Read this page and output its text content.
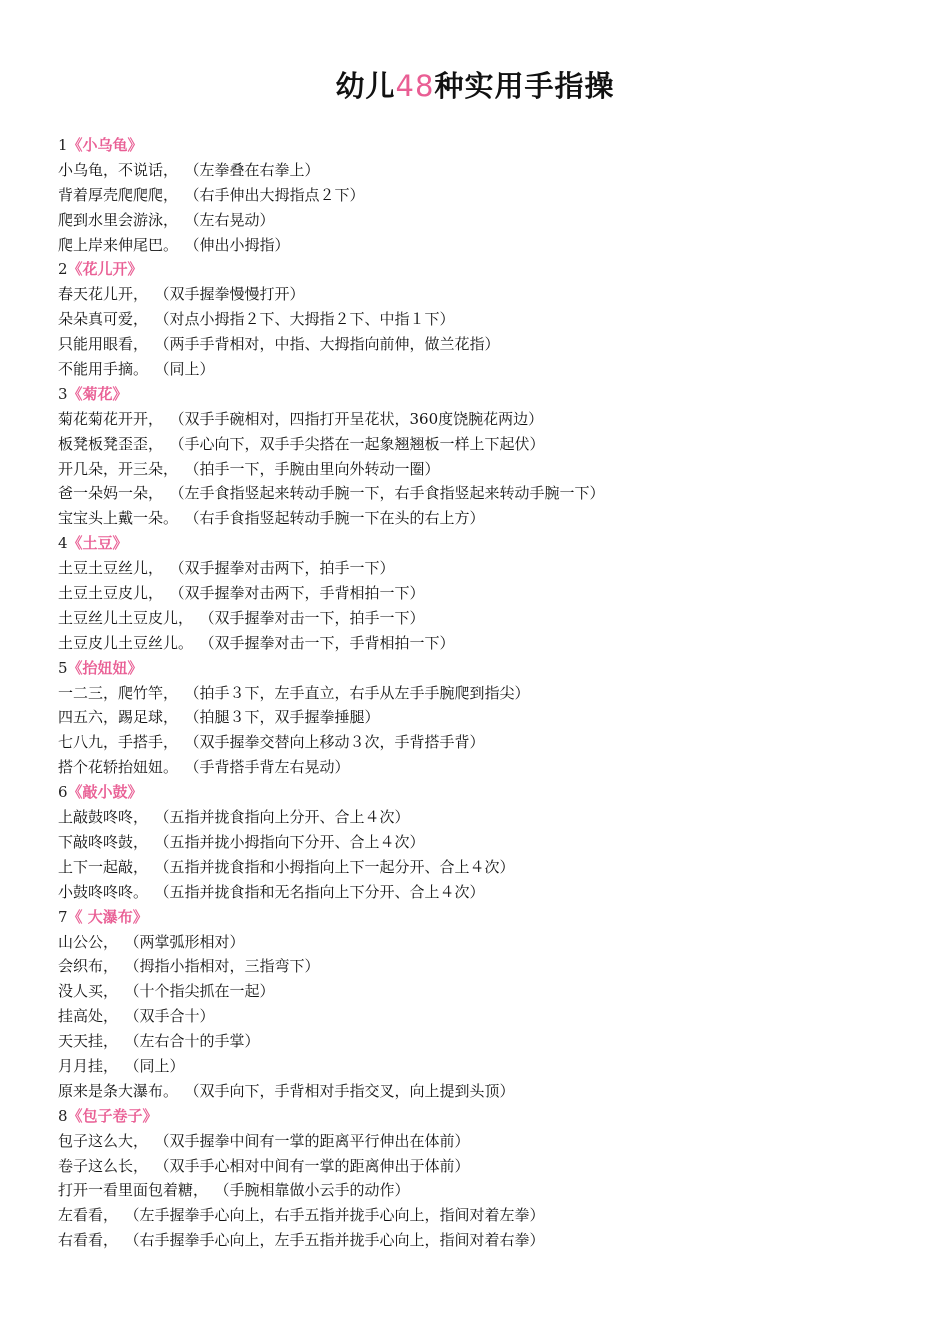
幼儿48种实用手指操
1《小乌龟》
小乌龟，不说话， （左拳叠在右拳上）
背着厚壳爬爬爬， （右手伸出大拇指点２下）
爬到水里会游泳， （左右晃动）
爬上岸来伸尾巴。 （伸出小拇指）
2《花儿开》
春天花儿开， （双手握拳慢慢打开）
朵朵真可爱， （对点小拇指２下、大拇指２下、中指１下）
只能用眼看， （两手手背相对，中指、大拇指向前伸，做兰花指）
不能用手摘。 （同上）
3《菊花》
菊花菊花开开， （双手手碗相对，四指打开呈花状，360度饶腕花两边）
板凳板凳歪歪， （手心向下，双手手尖搭在一起象翘翘板一样上下起伏）
开几朵，开三朵， （拍手一下，手腕由里向外转动一圈）
爸一朵妈一朵， （左手食指竖起来转动手腕一下，右手食指竖起来转动手腕一下）
宝宝头上戴一朵。 （右手食指竖起转动手腕一下在头的右上方）
4《土豆》
土豆土豆丝儿， （双手握拳对击两下，拍手一下）
土豆土豆皮儿， （双手握拳对击两下，手背相拍一下）
土豆丝儿土豆皮儿， （双手握拳对击一下，拍手一下）
土豆皮儿土豆丝儿。 （双手握拳对击一下，手背相拍一下）
5《抬妞妞》
一二三，爬竹竿， （拍手３下，左手直立，右手从左手手腕爬到指尖）
四五六，踢足球， （拍腿３下，双手握拳捶腿）
七八九，手搭手， （双手握拳交替向上移动３次，手背搭手背）
搭个花轿抬妞妞。 （手背搭手背左右晃动）
6《敲小鼓》
上敲鼓咚咚， （五指并拢食指向上分开、合上４次）
下敲咚咚鼓， （五指并拢小拇指向下分开、合上４次）
上下一起敲， （五指并拢食指和小拇指向上下一起分开、合上４次）
小鼓咚咚咚。 （五指并拢食指和无名指向上下分开、合上４次）
7《 大瀑布》
山公公， （两掌弧形相对）
会织布， （拇指小指相对，三指弯下）
没人买， （十个指尖抓在一起）
挂高处， （双手合十）
天天挂， （左右合十的手掌）
月月挂， （同上）
原来是条大瀑布。 （双手向下，手背相对手指交叉，向上提到头顶）
8《包子卷子》
包子这么大， （双手握拳中间有一掌的距离平行伸出在体前）
卷子这么长， （双手手心相对中间有一掌的距离伸出于体前）
打开一看里面包着糖， （手腕相靠做小云手的动作）
左看看， （左手握拳手心向上，右手五指并拢手心向上，指间对着左拳）
右看看， （右手握拳手心向上，左手五指并拢手心向上，指间对着右拳）
